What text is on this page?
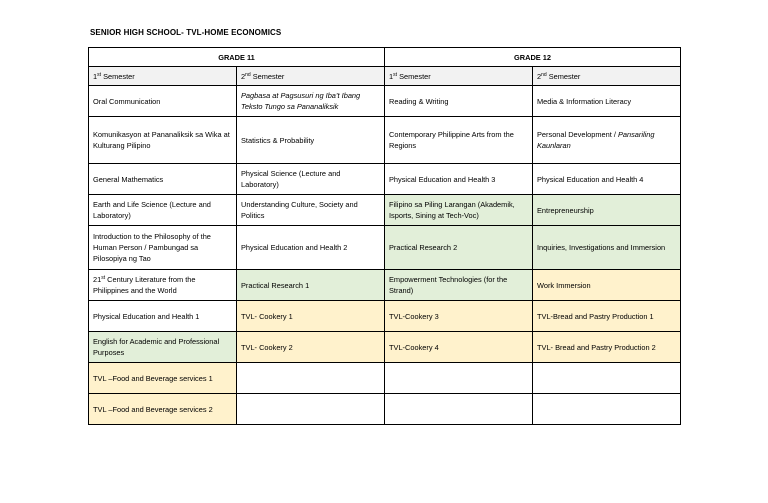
SENIOR HIGH SCHOOL- TVL-HOME ECONOMICS
GRADE 11		GRADE 12	
1st Semester	2nd Semester	1st Semester	2nd Semester
Oral Communication	Pagbasa at Pagsusuri ng Iba’t Ibang Teksto Tungo sa Pananaliksik	Reading & Writing	Media & Information Literacy
Komunikasyon at Pananaliksik sa Wika at Kulturang Pilipino	Statistics & Probability	Contemporary Philippine Arts from the Regions	Personal Development / Pansariling Kaunlaran
General Mathematics	Physical Science (Lecture and Laboratory)	Physical Education and Health 3	Physical Education and Health 4
Earth and Life Science (Lecture and Laboratory)	Understanding Culture, Society and Politics	Filipino sa Piling Larangan (Akademik, Isports, Sining at Tech-Voc)	Entrepreneurship
Introduction to the Philosophy of the Human Person / Pambungad sa Pilosopiya ng Tao	Physical Education and Health 2	Practical Research 2	Inquiries, Investigations and Immersion
21st Century Literature from the Philippines and the World	Practical Research 1	Empowerment Technologies (for the Strand)	Work Immersion
Physical Education and Health 1	TVL- Cookery 1	TVL-Cookery 3	TVL-Bread and Pastry Production 1
English for Academic and Professional Purposes	TVL- Cookery 2	TVL-Cookery 4	TVL- Bread and Pastry Production 2
TVL –Food and Beverage services 1			
TVL –Food and Beverage services 2			
